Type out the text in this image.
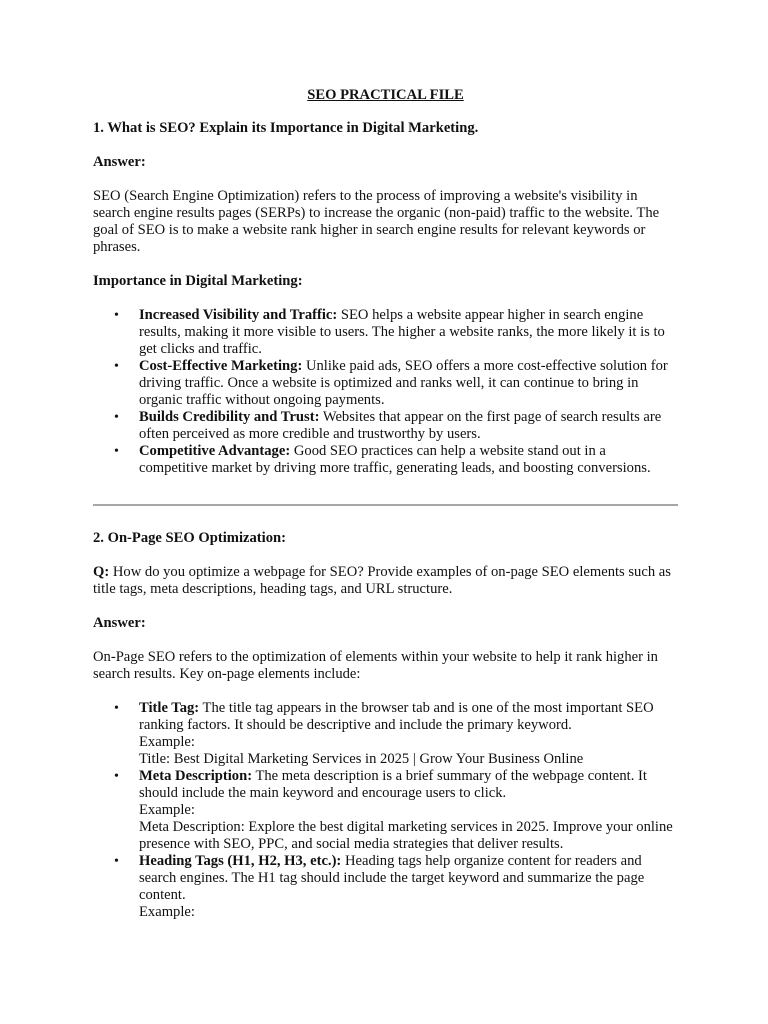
SEO PRACTICAL FILE
1. What is SEO? Explain its Importance in Digital Marketing.
Answer:

SEO (Search Engine Optimization) refers to the process of improving a website's visibility in search engine results pages (SERPs) to increase the organic (non-paid) traffic to the website. The goal of SEO is to make a website rank higher in search engine results for relevant keywords or phrases.

Importance in Digital Marketing:
• Increased Visibility and Traffic: SEO helps a website appear higher in search engine results, making it more visible to users. The higher a website ranks, the more likely it is to get clicks and traffic.
• Cost-Effective Marketing: Unlike paid ads, SEO offers a more cost-effective solution for driving traffic. Once a website is optimized and ranks well, it can continue to bring in organic traffic without ongoing payments.
• Builds Credibility and Trust: Websites that appear on the first page of search results are often perceived as more credible and trustworthy by users.
• Competitive Advantage: Good SEO practices can help a website stand out in a competitive market by driving more traffic, generating leads, and boosting conversions.
2. On-Page SEO Optimization:

Q: How do you optimize a webpage for SEO? Provide examples of on-page SEO elements such as title tags, meta descriptions, heading tags, and URL structure.

Answer:

On-Page SEO refers to the optimization of elements within your website to help it rank higher in search results. Key on-page elements include:

• Title Tag: The title tag appears in the browser tab and is one of the most important SEO ranking factors. It should be descriptive and include the primary keyword.
Example:
Title: Best Digital Marketing Services in 2025 | Grow Your Business Online
• Meta Description: The meta description is a brief summary of the webpage content. It should include the main keyword and encourage users to click.
Example:
Meta Description: Explore the best digital marketing services in 2025. Improve your online presence with SEO, PPC, and social media strategies that deliver results.
• Heading Tags (H1, H2, H3, etc.): Heading tags help organize content for readers and search engines. The H1 tag should include the target keyword and summarize the page content.
Example:
